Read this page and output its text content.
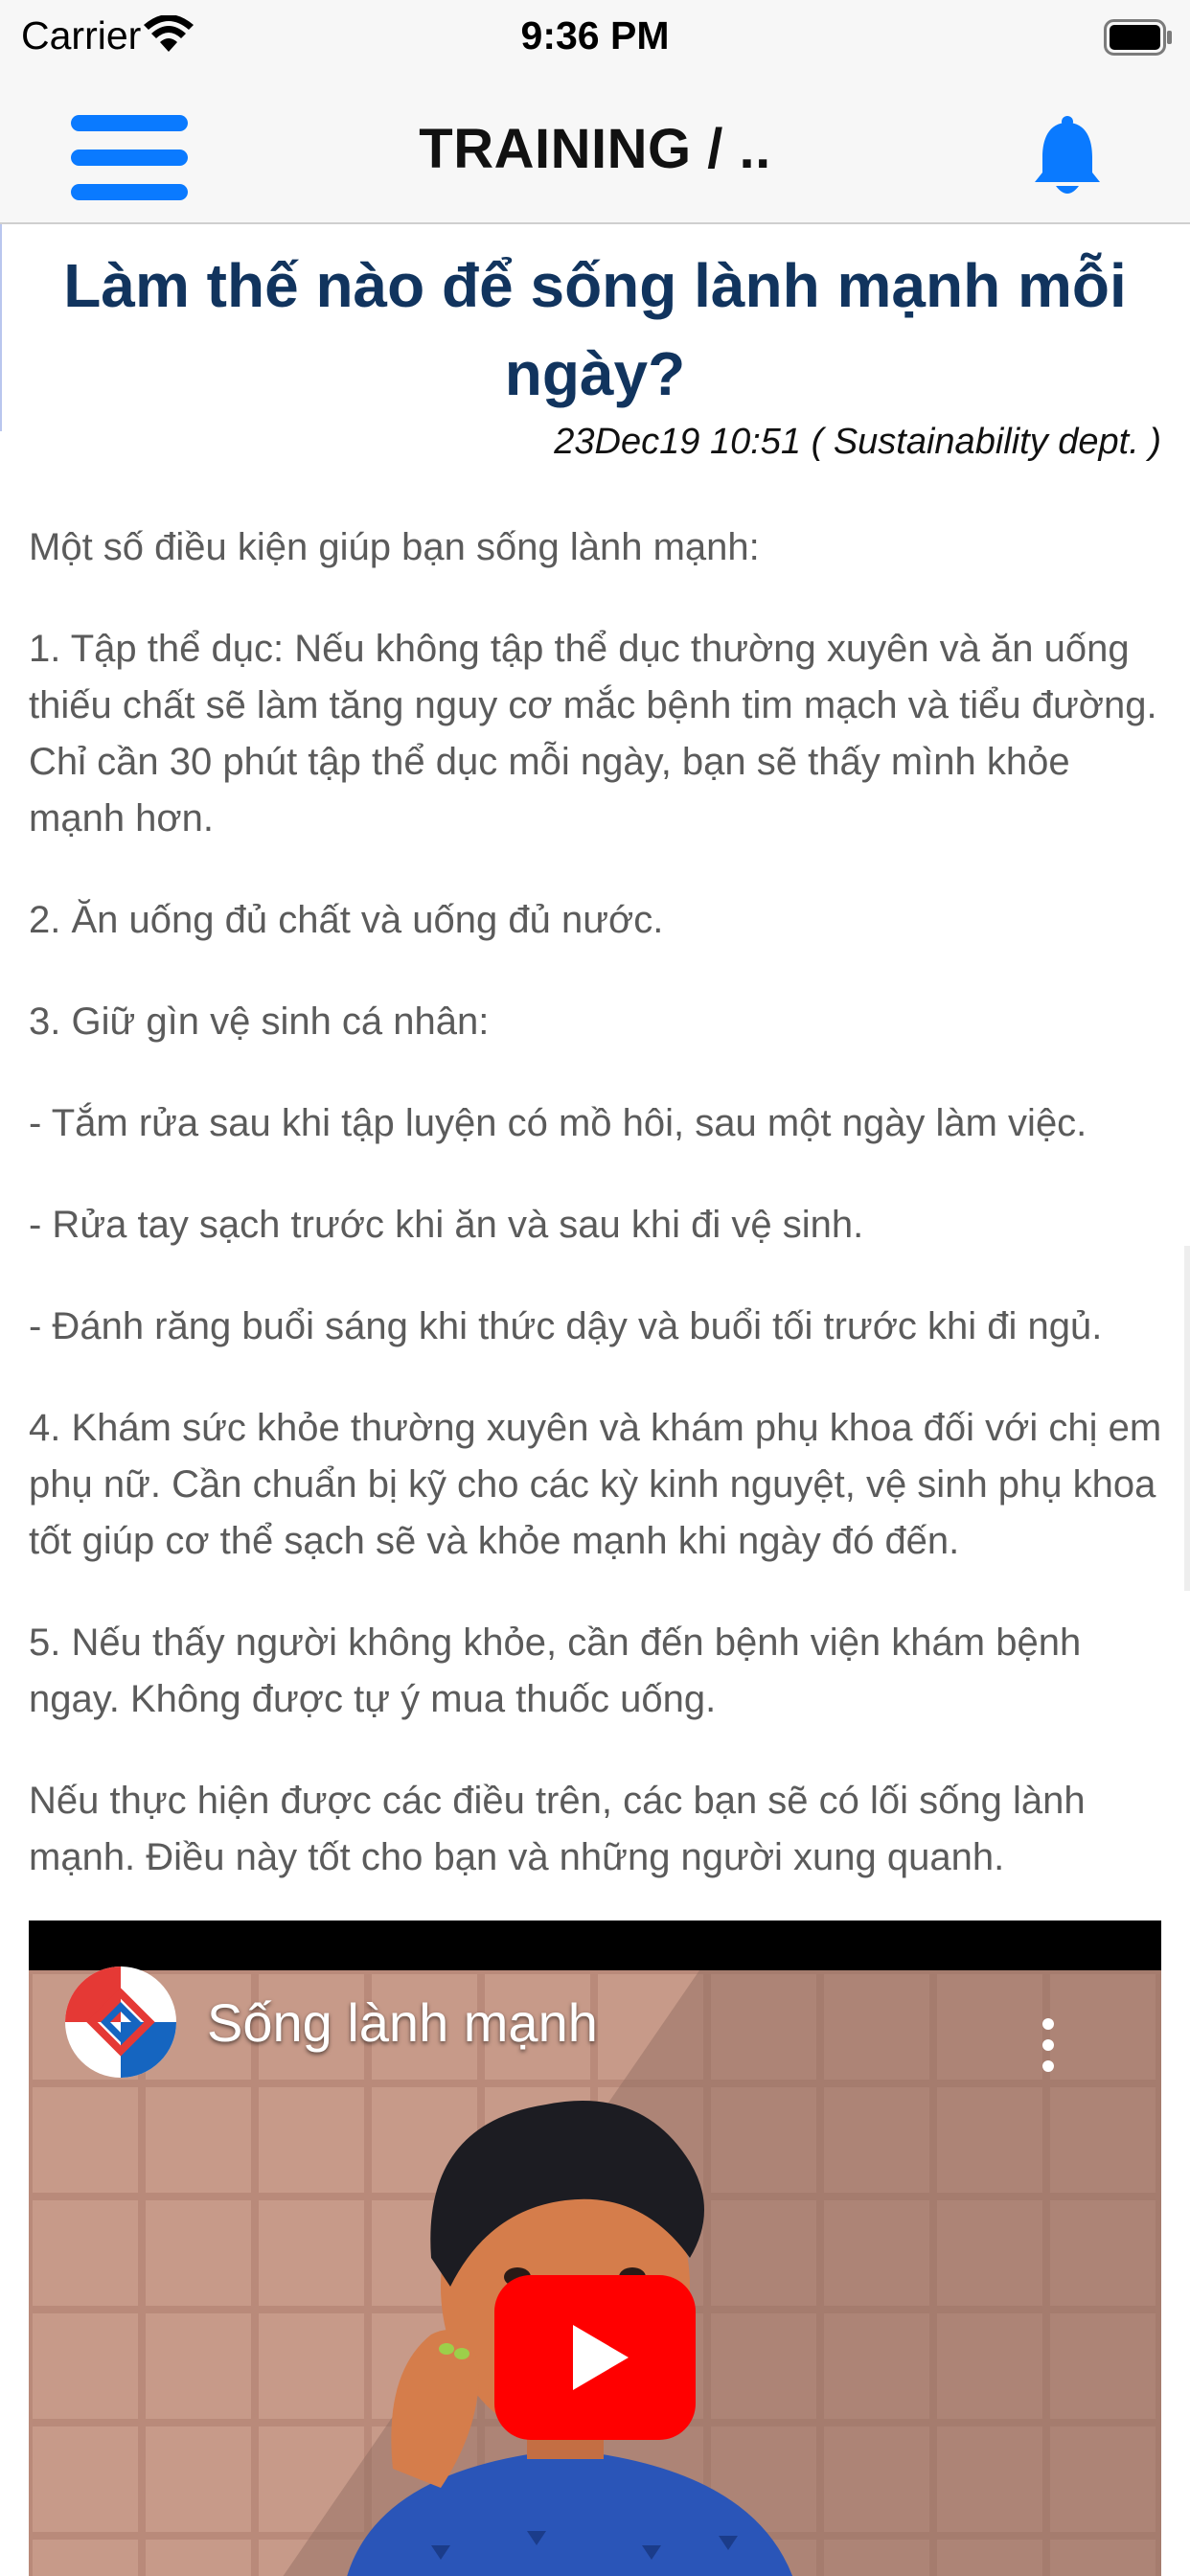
Carrier	9:36 PM
TRAINING / ..
Làm thế nào để sống lành mạnh mỗi ngày?
23Dec19 10:51 ( Sustainability dept. )

Một số điều kiện giúp bạn sống lành mạnh:

1. Tập thể dục: Nếu không tập thể dục thường xuyên và ăn uống thiếu chất sẽ làm tăng nguy cơ mắc bệnh tim mạch và tiểu đường. Chỉ cần 30 phút tập thể dục mỗi ngày, bạn sẽ thấy mình khỏe mạnh hơn.

2. Ăn uống đủ chất và uống đủ nước.

3. Giữ gìn vệ sinh cá nhân:

- Tắm rửa sau khi tập luyện có mồ hôi, sau một ngày làm việc.

- Rửa tay sạch trước khi ăn và sau khi đi vệ sinh.

- Đánh răng buổi sáng khi thức dậy và buổi tối trước khi đi ngủ.

4. Khám sức khỏe thường xuyên và khám phụ khoa đối với chị em phụ nữ. Cần chuẩn bị kỹ cho các kỳ kinh nguyệt, vệ sinh phụ khoa tốt giúp cơ thể sạch sẽ và khỏe mạnh khi ngày đó đến.

5. Nếu thấy người không khỏe, cần đến bệnh viện khám bệnh ngay. Không được tự ý mua thuốc uống.

Nếu thực hiện được các điều trên, các bạn sẽ có lối sống lành mạnh. Điều này tốt cho bạn và những người xung quanh.

Sống lành mạnh
